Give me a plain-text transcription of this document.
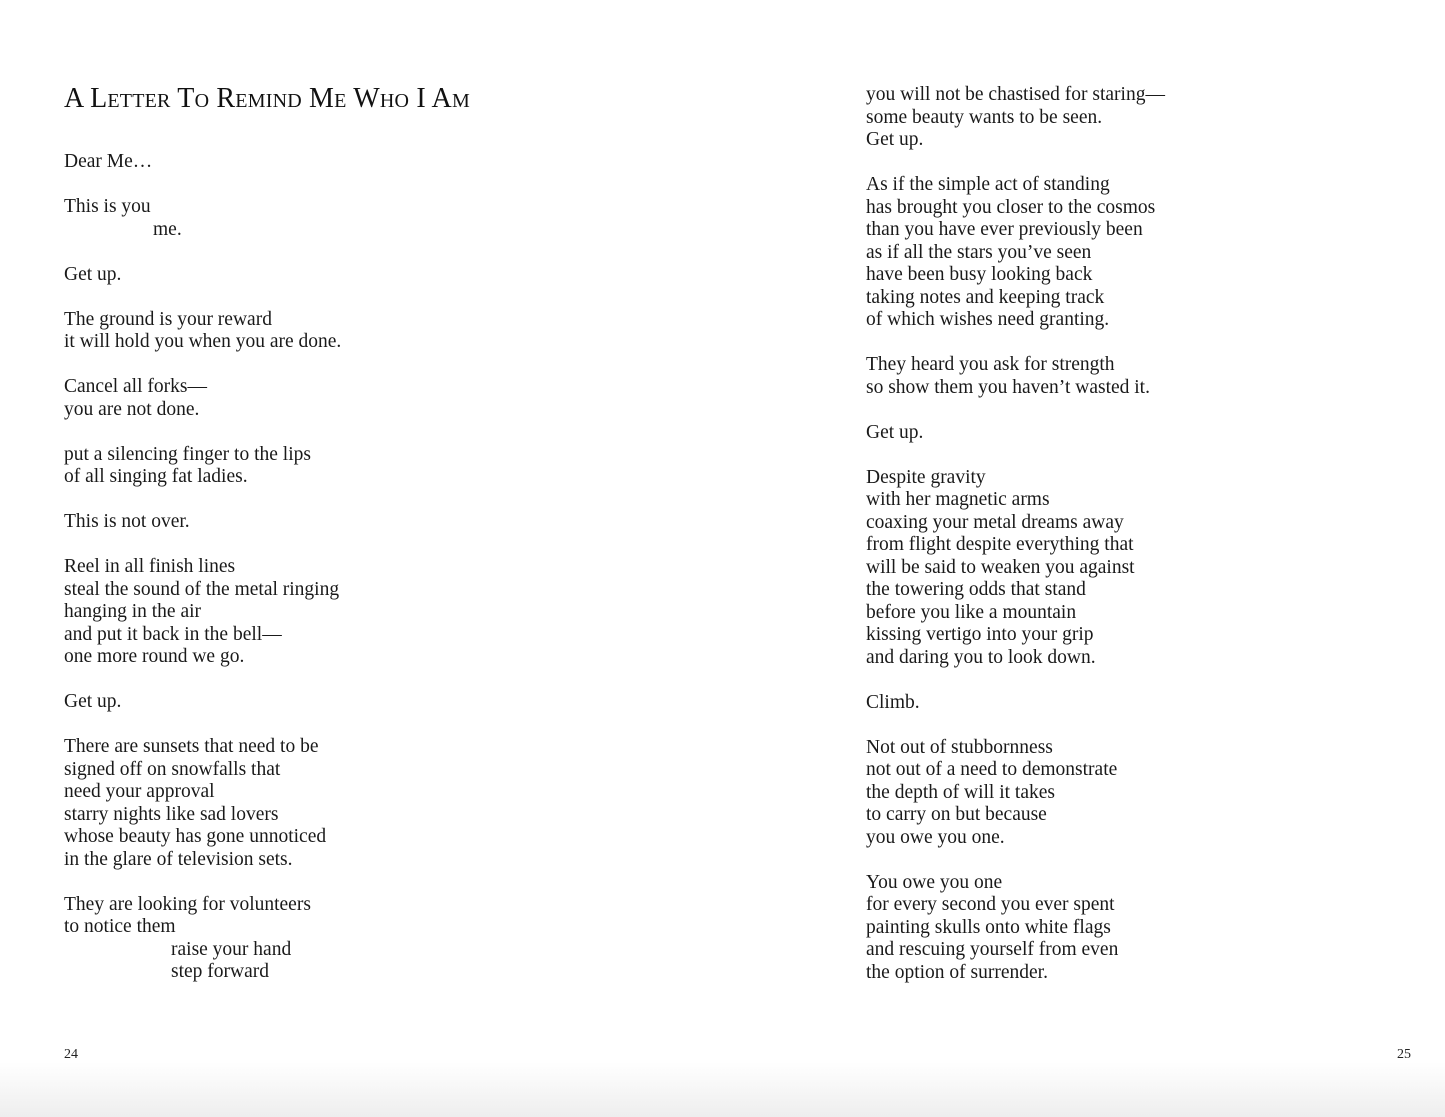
A Letter To Remind Me Who I Am
Dear Me…
This is you
me.
Get up.
The ground is your reward
it will hold you when you are done.
Cancel all forks—
you are not done.
put a silencing finger to the lips
of all singing fat ladies.
This is not over.
Reel in all finish lines
steal the sound of the metal ringing
hanging in the air
and put it back in the bell—
one more round we go.
Get up.
There are sunsets that need to be
signed off on snowfalls that
need your approval
starry nights like sad lovers
whose beauty has gone unnoticed
in the glare of television sets.
They are looking for volunteers
to notice them
raise your hand
step forward
24
you will not be chastised for staring—
some beauty wants to be seen.
Get up.
As if the simple act of standing
has brought you closer to the cosmos
than you have ever previously been
as if all the stars you’ve seen
have been busy looking back
taking notes and keeping track
of which wishes need granting.
They heard you ask for strength
so show them you haven’t wasted it.
Get up.
Despite gravity
with her magnetic arms
coaxing your metal dreams away
from flight despite everything that
will be said to weaken you against
the towering odds that stand
before you like a mountain
kissing vertigo into your grip
and daring you to look down.
Climb.
Not out of stubbornness
not out of a need to demonstrate
the depth of will it takes
to carry on but because
you owe you one.
You owe you one
for every second you ever spent
painting skulls onto white flags
and rescuing yourself from even
the option of surrender.
25
